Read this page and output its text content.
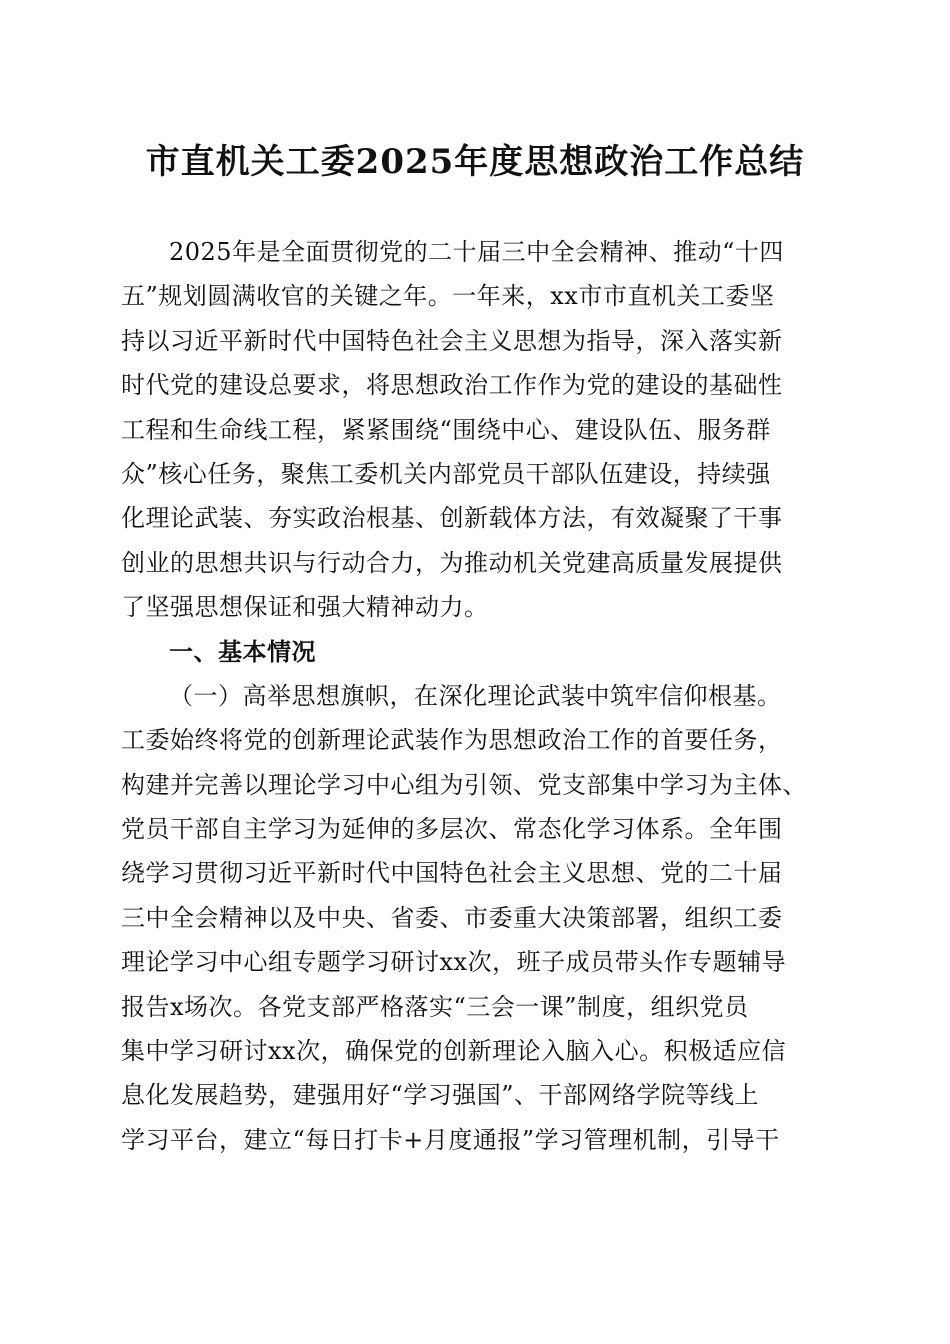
市直机关工委2025年度思想政治工作总结
2025年是全面贯彻党的二十届三中全会精神、推动“十四
五”规划圆满收官的关键之年。一年来，xx市市直机关工委坚
持以习近平新时代中国特色社会主义思想为指导，深入落实新
时代党的建设总要求，将思想政治工作作为党的建设的基础性
工程和生命线工程，紧紧围绕“围绕中心、建设队伍、服务群
众”核心任务，聚焦工委机关内部党员干部队伍建设，持续强
化理论武装、夯实政治根基、创新载体方法，有效凝聚了干事
创业的思想共识与行动合力，为推动机关党建高质量发展提供
了坚强思想保证和强大精神动力。
一、基本情况
（一）高举思想旗帜，在深化理论武装中筑牢信仰根基。
工委始终将党的创新理论武装作为思想政治工作的首要任务，
构建并完善以理论学习中心组为引领、党支部集中学习为主体、
党员干部自主学习为延伸的多层次、常态化学习体系。全年围
绕学习贯彻习近平新时代中国特色社会主义思想、党的二十届
三中全会精神以及中央、省委、市委重大决策部署，组织工委
理论学习中心组专题学习研讨xx次，班子成员带头作专题辅导
报告x场次。各党支部严格落实“三会一课”制度，组织党员
集中学习研讨xx次，确保党的创新理论入脑入心。积极适应信
息化发展趋势，建强用好“学习强国”、干部网络学院等线上
学习平台，建立“每日打卡+月度通报”学习管理机制，引导干
